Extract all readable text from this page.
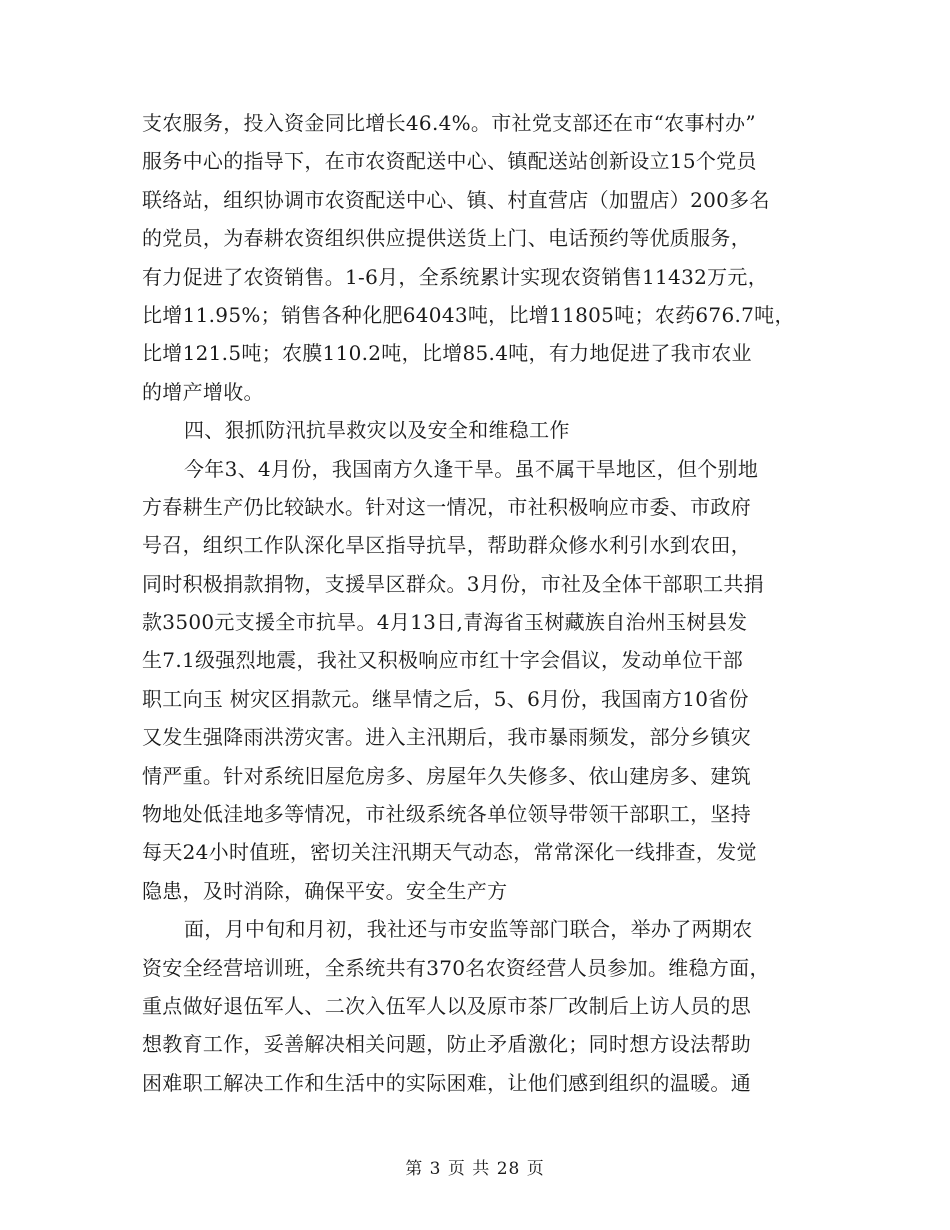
支农服务，投入资金同比增长46.4%。市社党支部还在市“农事村办”
服务中心的指导下，在市农资配送中心、镇配送站创新设立15个党员
联络站，组织协调市农资配送中心、镇、村直营店（加盟店）200多名
的党员，为春耕农资组织供应提供送货上门、电话预约等优质服务，
有力促进了农资销售。1-6月，全系统累计实现农资销售11432万元，
比增11.95%；销售各种化肥64043吨，比增11805吨；农药676.7吨，
比增121.5吨；农膜110.2吨，比增85.4吨，有力地促进了我市农业
的增产增收。
四、狠抓防汛抗旱救灾以及安全和维稳工作
今年3、4月份，我国南方久逢干旱。虽不属干旱地区，但个别地
方春耕生产仍比较缺水。针对这一情况，市社积极响应市委、市政府
号召，组织工作队深化旱区指导抗旱，帮助群众修水利引水到农田，
同时积极捐款捐物，支援旱区群众。3月份，市社及全体干部职工共捐
款3500元支援全市抗旱。4月13日,青海省玉树藏族自治州玉树县发
生7.1级强烈地震，我社又积极响应市红十字会倡议，发动单位干部
职工向玉 树灾区捐款元。继旱情之后，5、6月份，我国南方10省份
又发生强降雨洪涝灾害。进入主汛期后，我市暴雨频发，部分乡镇灾
情严重。针对系统旧屋危房多、房屋年久失修多、依山建房多、建筑
物地处低洼地多等情况，市社级系统各单位领导带领干部职工，坚持
每天24小时值班，密切关注汛期天气动态，常常深化一线排查，发觉
隐患，及时消除，确保平安。安全生产方
面，月中旬和月初，我社还与市安监等部门联合，举办了两期农
资安全经营培训班，全系统共有370名农资经营人员参加。维稳方面，
重点做好退伍军人、二次入伍军人以及原市茶厂改制后上访人员的思
想教育工作，妥善解决相关问题，防止矛盾激化；同时想方设法帮助
困难职工解决工作和生活中的实际困难，让他们感到组织的温暖。通
第 3 页 共 28 页
